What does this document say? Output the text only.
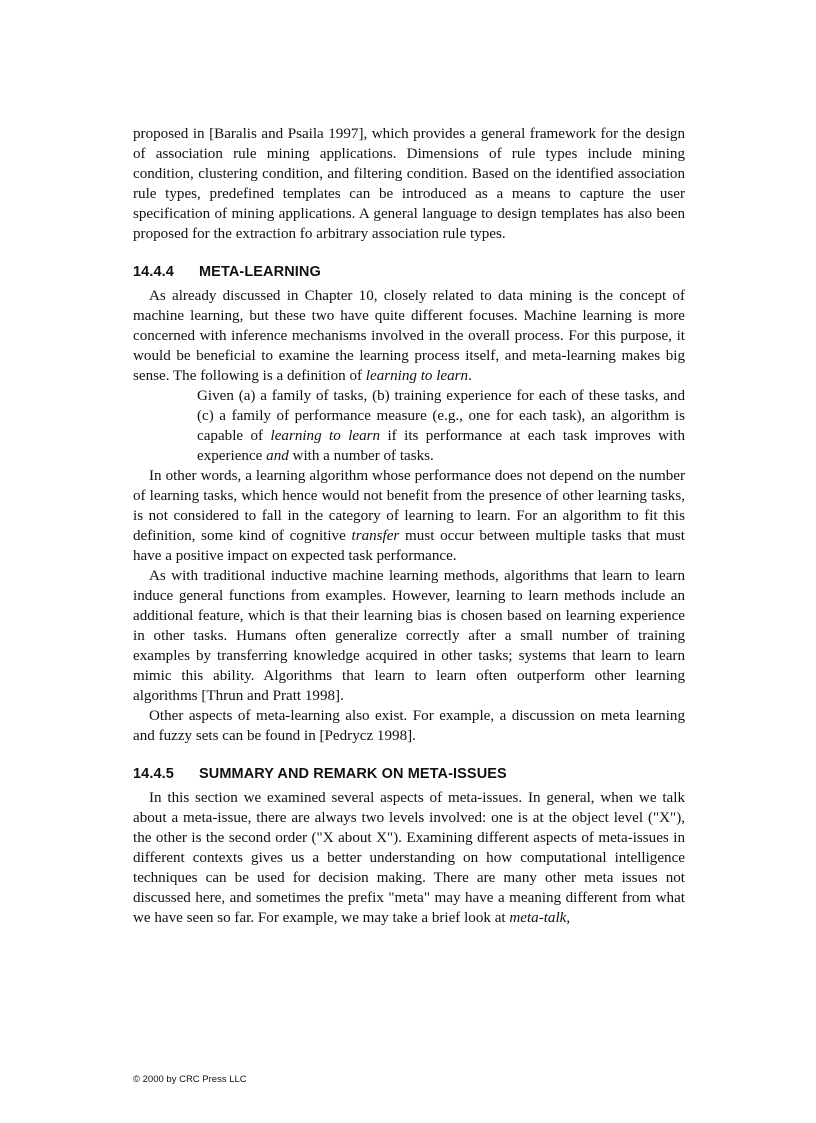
proposed in [Baralis and Psaila 1997], which provides a general framework for the design of association rule mining applications. Dimensions of rule types include mining condition, clustering condition, and filtering condition. Based on the identified association rule types, predefined templates can be introduced as a means to capture the user specification of mining applications. A general language to design templates has also been proposed for the extraction fo arbitrary association rule types.

14.4.4 META-LEARNING

As already discussed in Chapter 10, closely related to data mining is the concept of machine learning, but these two have quite different focuses. Machine learning is more concerned with inference mechanisms involved in the overall process. For this purpose, it would be beneficial to examine the learning process itself, and meta-learning makes big sense. The following is a definition of learning to learn.

Given (a) a family of tasks, (b) training experience for each of these tasks, and (c) a family of performance measure (e.g., one for each task), an algorithm is capable of learning to learn if its performance at each task improves with experience and with a number of tasks.

In other words, a learning algorithm whose performance does not depend on the number of learning tasks, which hence would not benefit from the presence of other learning tasks, is not considered to fall in the category of learning to learn. For an algorithm to fit this definition, some kind of cognitive transfer must occur between multiple tasks that must have a positive impact on expected task performance.

As with traditional inductive machine learning methods, algorithms that learn to learn induce general functions from examples. However, learning to learn methods include an additional feature, which is that their learning bias is chosen based on learning experience in other tasks. Humans often generalize correctly after a small number of training examples by transferring knowledge acquired in other tasks; systems that learn to learn mimic this ability. Algorithms that learn to learn often outperform other learning algorithms [Thrun and Pratt 1998].

Other aspects of meta-learning also exist. For example, a discussion on meta learning and fuzzy sets can be found in [Pedrycz 1998].

14.4.5 SUMMARY AND REMARK ON META-ISSUES

In this section we examined several aspects of meta-issues. In general, when we talk about a meta-issue, there are always two levels involved: one is at the object level ("X"), the other is the second order ("X about X"). Examining different aspects of meta-issues in different contexts gives us a better understanding on how computational intelligence techniques can be used for decision making. There are many other meta issues not discussed here, and sometimes the prefix "meta" may have a meaning different from what we have seen so far. For example, we may take a brief look at meta-talk,

© 2000 by CRC Press LLC
